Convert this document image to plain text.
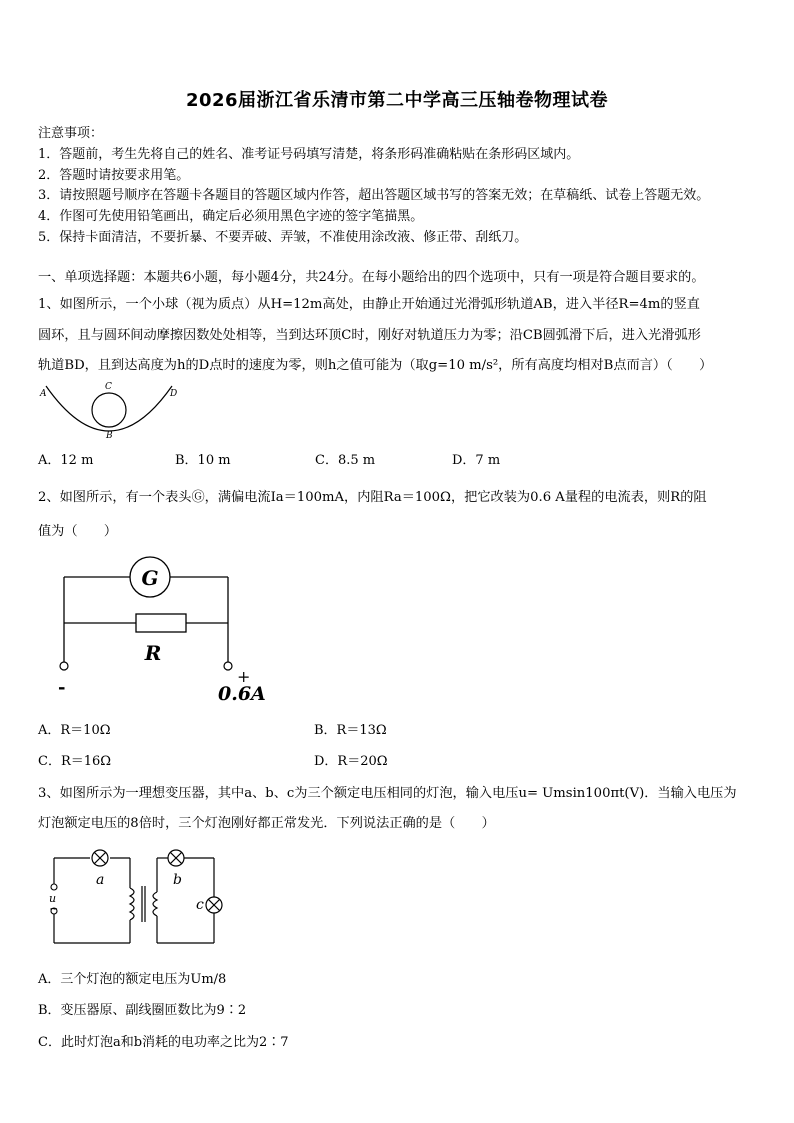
2026届浙江省乐清市第二中学高三压轴卷物理试卷
注意事项：
1．答题前，考生先将自己的姓名、准考证号码填写清楚，将条形码准确粘贴在条形码区域内。
2．答题时请按要求用笔。
3．请按照题号顺序在答题卡各题目的答题区域内作答，超出答题区域书写的答案无效；在草稿纸、试卷上答题无效。
4．作图可先使用铅笔画出，确定后必须用黑色字迹的签字笔描黑。
5．保持卡面清洁，不要折暴、不要弄破、弄皱，不准使用涂改液、修正带、刮纸刀。
一、单项选择题：本题共6小题，每小题4分，共24分。在每小题给出的四个选项中，只有一项是符合题目要求的。
1、如图所示，一个小球（视为质点）从H=12m高处，由静止开始通过光滑弧形轨道AB，进入半径R=4m的竖直
圆环，且与圆环间动摩擦因数处处相等，当到达环顶C时，刚好对轨道压力为零；沿CB圆弧滑下后，进入光滑弧形
轨道BD，且到达高度为h的D点时的速度为零，则h之值可能为（取g=10 m/s²，所有高度均相对B点而言）（　　）
A
C
D
B
A．12 m	B．10 m	C．8.5 m	D．7 m
2、如图所示，有一个表头Ⓖ，满偏电流Ia＝100mA，内阻Ra＝100Ω，把它改装为0.6 A量程的电流表，则R的阻
值为（　　）
G
R
-
+
0.6A
A．R＝10Ω	B．R＝13Ω
C．R＝16Ω	D．R＝20Ω
3、如图所示为一理想变压器，其中a、b、c为三个额定电压相同的灯泡，输入电压u= Umsin100πt(V)．当输入电压为
灯泡额定电压的8倍时，三个灯泡刚好都正常发光．下列说法正确的是（　　）
a	b
c
u
~
A．三个灯泡的额定电压为Um/8
B．变压器原、副线圈匝数比为9∶2
C．此时灯泡a和b消耗的电功率之比为2∶7
